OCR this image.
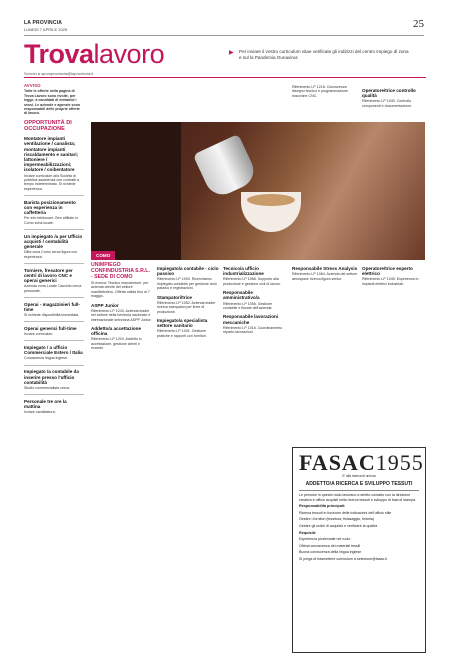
LA PROVINCIA
LUNEDÌ 7 APRILE 2025	25
Trovalavoro
Scrivici a sporoprovincia@laprovincia.it
▶ Per inviare il vostro curriculum vitae verificate gli indirizzi del centro impiego di zona e sul la Pandemia Ounavirus
AVVISO
Tutte le offerte nella pagina di Trova Lavoro sono rivolte, per legge, a candidati di entrambi i sessi. Le aziende e agenzie sono responsabili delle proprie offerte di lavoro.
OPPORTUNITÀ DI OCCUPAZIONE
Montatore impianti ventilazione / canalista; montatore impianti riscaldamento e sanitari; lattoniere / impermeabilizzazioni; isolatore / coibentatore
Inviare curriculum alla Società di pubblica assistenza con contratti a tempo indeterminato. Si richiede esperienza.
Barista posizionamento con esperienza in caffetteria
Per info telefonare. Ben affiliate in Como zona locale.
Un impiegato /a per Ufficio acquisti / contabilità generale
Ditta zona Como cerca figura con esperienza.
Torniere, fresatore per centri di lavoro CNC e operai generici
Azienda zona Lurate Caccivio cerca personale.
Operai - magazzinieri full-time
Si richiede disponibilità immediata.
Operai generici full-time
Inviare curriculum.
Impiegato / a ufficio Commerciale Estero / Italia
Conoscenza lingua inglese.
Impiegato /a contabile da inserire presso l'ufficio contabilità
Studio commercialista cerca.
Personale tre ore la mattina
Inviare candidatura.
COMO
UNIMPIEGO CONFINDUSTRIA S.R.L. - SEDE DI COMO
Si ricerca: Tecnico manutentore, per azienda cliente del settore manifatturiero. Offerta valida fino al 7 maggio.
ASPP Junior
Riferimento LP 1243. Azienda leader nel settore della bevitoria nazionale e internazionale seleziona ASPP Junior.
Addetto/a accettazione officina
Riferimento LP 1204. Addetto in accettazione, gestione clienti e ricambi.
Impiegato/a contabile - ciclo passivo
Riferimento LP 1093. Ricerchiamo impiegato contabile per gestione ciclo passivo e registrazioni.
Stampatori/trice
Riferimento LP 1052. Azienda leader ricerca stampatori per linee di produzione.
Impiegato/a specialista settore sanitario
Riferimento LP 1001. Gestione pratiche e rapporti con fornitori.
Tecnico/a ufficio industrializzazione
Riferimento LP 1068. Supporto alla produzione e gestione cicli di lavoro.
Responsabile amministrativo/a
Riferimento LP 1056. Gestione contabile e fiscale dell'azienda.
Responsabile lavorazioni meccaniche
Riferimento LP 1016. Coordinamento reparto lavorazioni.
Riferimento LP 1218. Conoscenza disegno tecnico e programmazione macchine CNC.
Responsabile Stress Analysis
Riferimento LP 1064. Azienda del settore aerospace ricerca figura senior.
Operatore/trice controllo qualità
Riferimento LP 1040. Controllo componenti e documentazione.
Operatore/trice esperto elettrico
Riferimento LP 1045. Esperienza in impianti elettrici industriali.
FASAC1955
E' alla ricerca di un/una
ADDETTO/A RICERCA E SVILUPPO TESSUTI

Le persone in questo ruolo lavorano a stretto contatto con la direzione creativa e ufficio acquisti nella ricerca tessuti e sviluppo di basi di stampa.

Responsabilità principali:

Ricerca tessuti in funzione delle indicazioni dell'ufficio stile

Gestire i fornitori (tessitura, finissaggio, tintoria)

Gestire gli ordini di acquisto e verificare la qualità

Requisiti:

Esperienza pluriennale nel ruolo

Ottima conoscenza dei materiali tessili

Buona conoscenza della lingua inglese

Si prega di trasmettere curriculum a selezione@fasac.it
